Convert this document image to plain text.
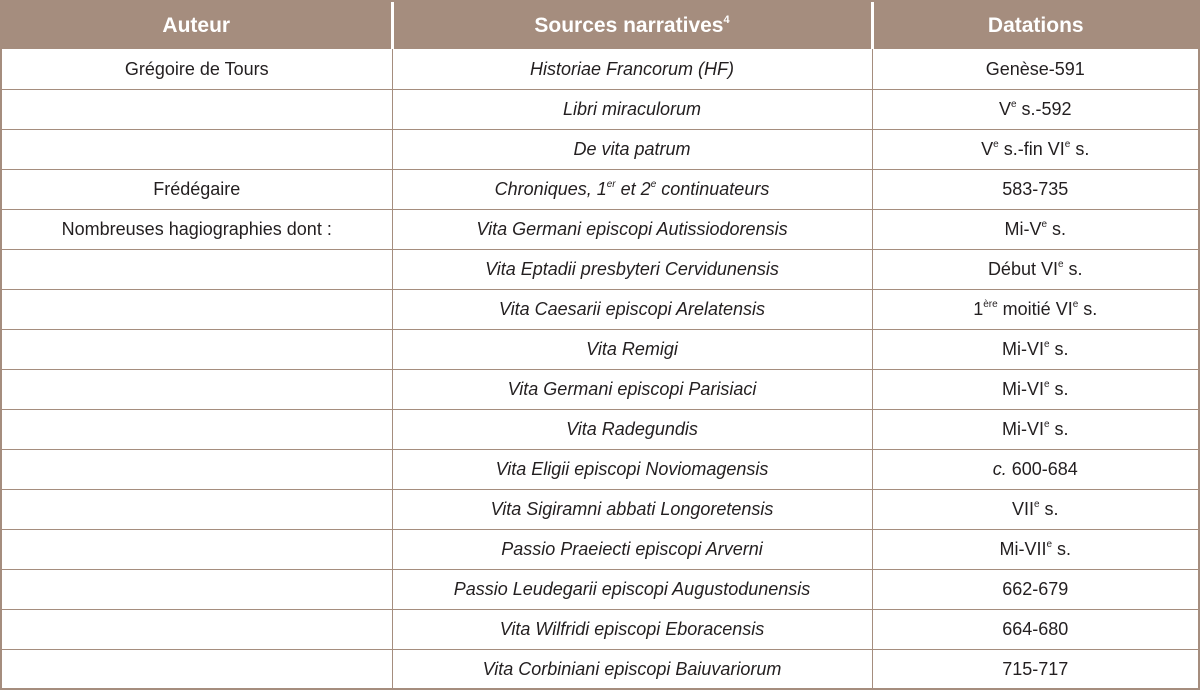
Auteur	Sources narratives$^4$	Datations
Grégoire de Tours	Historiae Francorum (HF)	Genèse-591
	Libri miraculorum	Ve s.-592
	De vita patrum	Ve s.-fin VIe s.
Frédégaire	Chroniques, 1er et 2e continuateurs	583-735
Nombreuses hagiographies dont :	Vita Germani episcopi Autissiodorensis	Mi-Ve s.
	Vita Eptadii presbyteri Cervidunensis	Début VIe s.
	Vita Caesarii episcopi Arelatensis	1ère moitié VIe s.
	Vita Remigi	Mi-VIe s.
	Vita Germani episcopi Parisiaci	Mi-VIe s.
	Vita Radegundis	Mi-VIe s.
	Vita Eligii episcopi Noviomagensis	c. 600-684
	Vita Sigiramni abbati Longoretensis	VIIe s.
	Passio Praeiecti episcopi Arverni	Mi-VIIe s.
	Passio Leudegarii episcopi Augustodunensis	662-679
	Vita Wilfridi episcopi Eboracensis	664-680
	Vita Corbiniani episcopi Baiuvariorum	715-717
